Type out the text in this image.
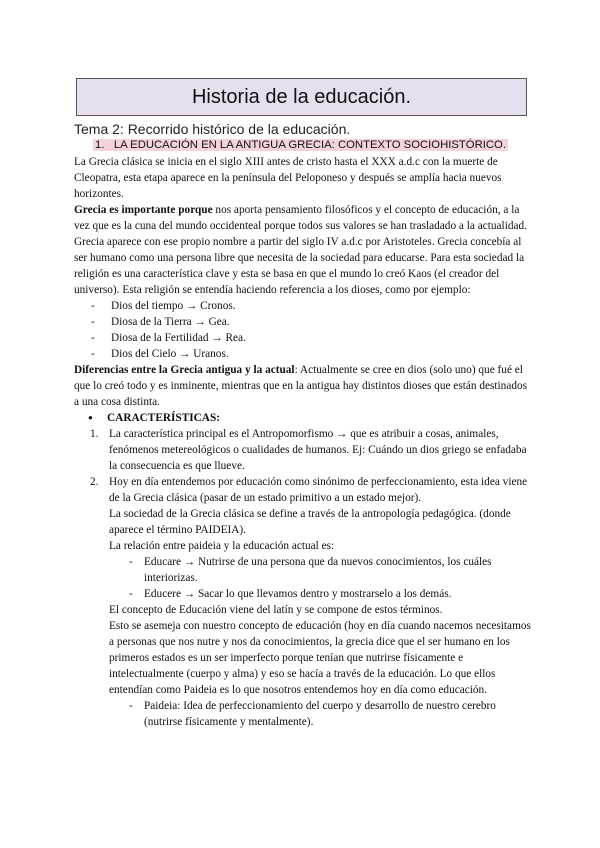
Historia de la educación.
Tema 2: Recorrido histórico de la educación.
1. LA EDUCACIÓN EN LA ANTIGUA GRECIA: CONTEXTO SOCIOHISTÓRICO.

La Grecia clásica se inicia en el siglo XIII antes de cristo hasta el XXX a.d.c con la muerte de Cleopatra, esta etapa aparece en la península del Peloponeso y después se amplía hacia nuevos horizontes.

Grecia es importante porque nos aporta pensamiento filosóficos y el concepto de educación, a la vez que es la cuna del mundo occidenteal porque todos sus valores se han trasladado a la actualidad. Grecia aparece con ese propio nombre a partir del siglo IV a.d.c por Aristoteles. Grecia concebía al ser humano como una persona libre que necesita de la sociedad para educarse. Para esta sociedad la religión es una característica clave y esta se basa en que el mundo lo creó Kaos (el creador del universo). Esta religión se entendía haciendo referencia a los dioses, como por ejemplo:

- Dios del tiempo → Cronos.
- Diosa de la Tierra → Gea.
- Diosa de la Fertilidad → Rea.
- Dios del Cielo → Uranos.

Diferencias entre la Grecia antigua y la actual: Actualmente se cree en dios (solo uno) que fué el que lo creó todo y es inminente, mientras que en la antigua hay distintos dioses que están destinados a una cosa distinta.

● CARACTERÍSTICAS:

1. La característica principal es el Antropomorfismo → que es atribuir a cosas, animales, fenómenos metereológicos o cualidades de humanos. Ej: Cuándo un dios griego se enfadaba la consecuencia es que llueve.

2. Hoy en día entendemos por educación como sinónimo de perfeccionamiento, esta idea viene de la Grecia clásica (pasar de un estado primitivo a un estado mejor).

La sociedad de la Grecia clásica se define a través de la antropología pedagógica. (donde aparece el término PAIDEIA).

La relación entre paideia y la educación actual es:

- Educare → Nutrirse de una persona que da nuevos conocimientos, los cuáles interiorizas.

- Educere → Sacar lo que llevamos dentro y mostrarselo a los demás.

El concepto de Educación viene del latín y se compone de estos términos.

Esto se asemeja con nuestro concepto de educación (hoy en día cuando nacemos necesitamos a personas que nos nutre y nos da conocimientos, la grecia dice que el ser humano en los primeros estados es un ser imperfecto porque tenían que nutrirse físicamente e intelectualmente (cuerpo y alma) y eso se hacía a través de la educación. Lo que ellos entendían como Paideia es lo que nosotros entendemos hoy en día como educación.

- Paideia: Idea de perfeccionamiento del cuerpo y desarrollo de nuestro cerebro (nutrirse físicamente y mentalmente).
